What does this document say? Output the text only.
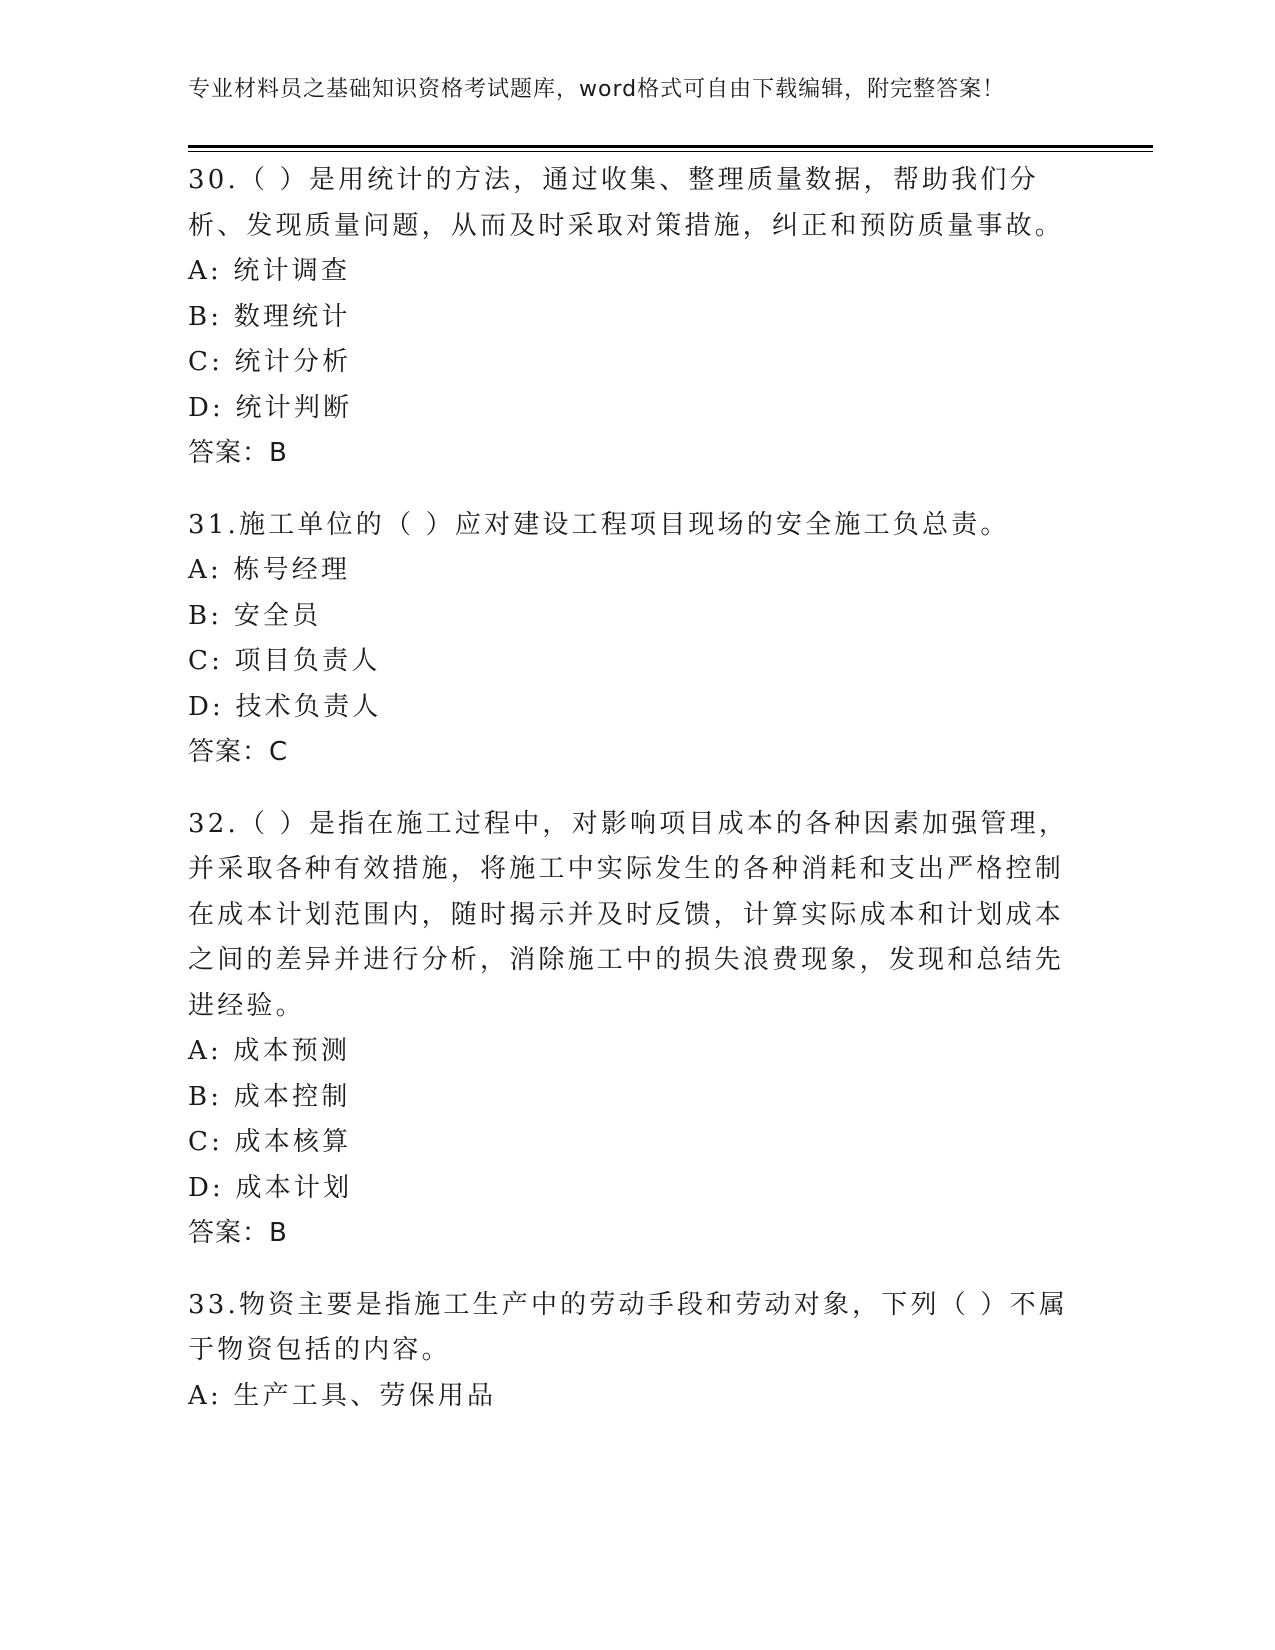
专业材料员之基础知识资格考试题库，word格式可自由下载编辑，附完整答案！

30.（ ）是用统计的方法，通过收集、整理质量数据，帮助我们分析、发现质量问题，从而及时采取对策措施，纠正和预防质量事故。

A: 统计调查

B: 数理统计

C: 统计分析

D: 统计判断

答案：B

31.施工单位的（ ）应对建设工程项目现场的安全施工负总责。

A: 栋号经理

B: 安全员

C: 项目负责人

D: 技术负责人

答案：C

32.（ ）是指在施工过程中，对影响项目成本的各种因素加强管理，并采取各种有效措施，将施工中实际发生的各种消耗和支出严格控制在成本计划范围内，随时揭示并及时反馈，计算实际成本和计划成本之间的差异并进行分析，消除施工中的损失浪费现象，发现和总结先进经验。

A: 成本预测

B: 成本控制

C: 成本核算

D: 成本计划

答案：B

33.物资主要是指施工生产中的劳动手段和劳动对象，下列（ ）不属于物资包括的内容。

A: 生产工具、劳保用品
